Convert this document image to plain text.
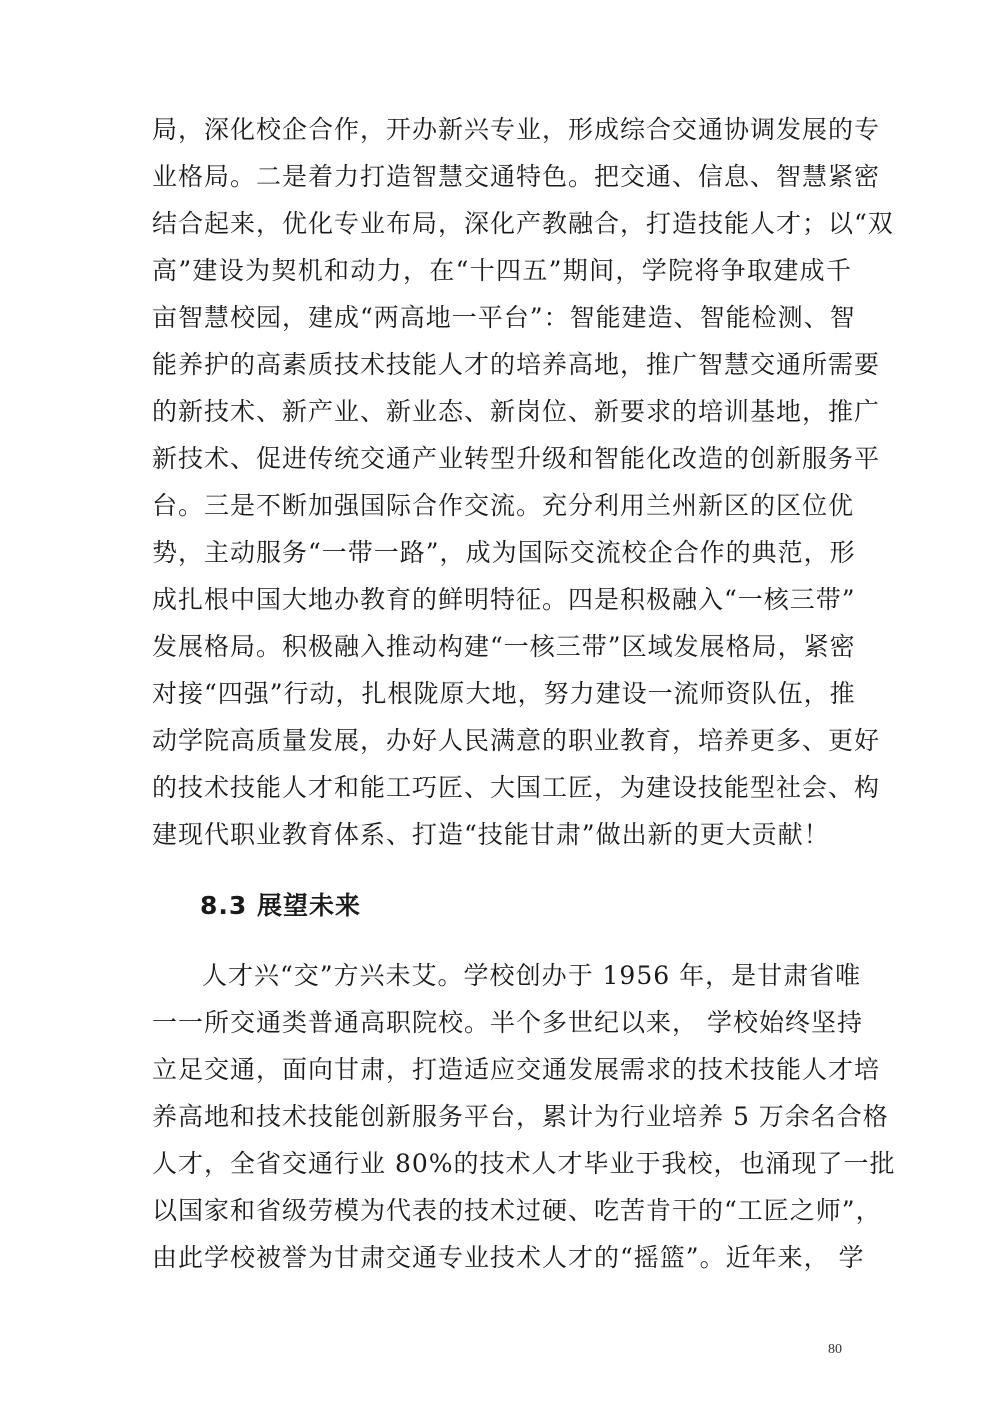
局，深化校企合作，开办新兴专业，形成综合交通协调发展的专
业格局。二是着力打造智慧交通特色。把交通、信息、智慧紧密
结合起来，优化专业布局，深化产教融合，打造技能人才；以“双
高”建设为契机和动力，在“十四五”期间，学院将争取建成千
亩智慧校园，建成“两高地一平台”：智能建造、智能检测、智
能养护的高素质技术技能人才的培养高地，推广智慧交通所需要
的新技术、新产业、新业态、新岗位、新要求的培训基地，推广
新技术、促进传统交通产业转型升级和智能化改造的创新服务平
台。三是不断加强国际合作交流。充分利用兰州新区的区位优
势，主动服务“一带一路”，成为国际交流校企合作的典范，形
成扎根中国大地办教育的鲜明特征。四是积极融入“一核三带”
发展格局。积极融入推动构建“一核三带”区域发展格局，紧密
对接“四强”行动，扎根陇原大地，努力建设一流师资队伍，推
动学院高质量发展，办好人民满意的职业教育，培养更多、更好
的技术技能人才和能工巧匠、大国工匠，为建设技能型社会、构
建现代职业教育体系、打造“技能甘肃”做出新的更大贡献！
8.3 展望未来
人才兴“交”方兴未艾。学校创办于 1956 年，是甘肃省唯
一一所交通类普通高职院校。半个多世纪以来， 学校始终坚持
立足交通，面向甘肃，打造适应交通发展需求的技术技能人才培
养高地和技术技能创新服务平台，累计为行业培养 5 万余名合格
人才，全省交通行业 80%的技术人才毕业于我校，也涌现了一批
以国家和省级劳模为代表的技术过硬、吃苦肯干的“工匠之师”，
由此学校被誉为甘肃交通专业技术人才的“摇篮”。近年来， 学
80
